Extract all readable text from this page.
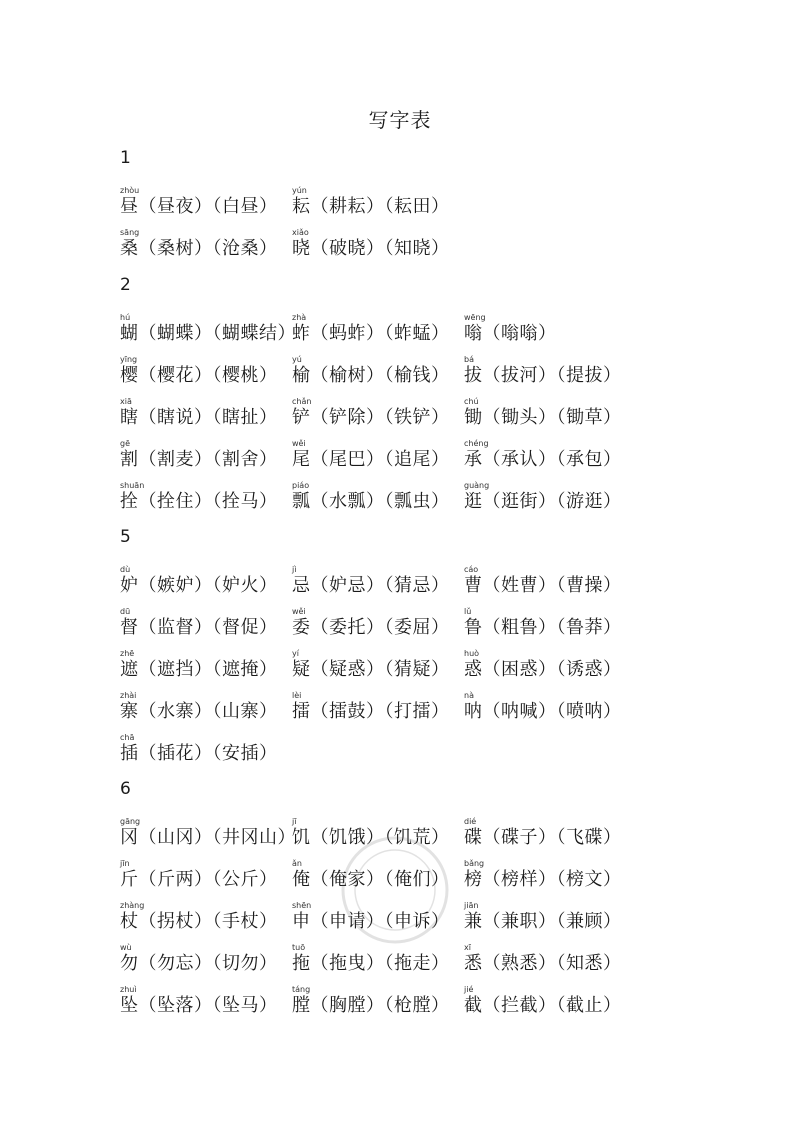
写字表
1
zhòu
昼（昼夜）（白昼）
yún
耘（耕耘）（耘田）
sāng
桑（桑树）（沧桑）
xiǎo
晓（破晓）（知晓）
2
hú
蝴（蝴蝶）（蝴蝶结）
zhà
蚱（蚂蚱）（蚱蜢）
wēng
嗡（嗡嗡）
yīng
樱（樱花）（樱桃）
yú
榆（榆树）（榆钱）
bá
拔（拔河）（提拔）
xiā
瞎（瞎说）（瞎扯）
chǎn
铲（铲除）（铁铲）
chú
锄（锄头）（锄草）
gē
割（割麦）（割舍）
wěi
尾（尾巴）（追尾）
chéng
承（承认）（承包）
shuān
拴（拴住）（拴马）
piáo
瓢（水瓢）（瓢虫）
guàng
逛（逛街）（游逛）
5
dù
妒（嫉妒）（妒火）
jì
忌（妒忌）（猜忌）
cáo
曹（姓曹）（曹操）
dū
督（监督）（督促）
wěi
委（委托）（委屈）
lǔ
鲁（粗鲁）（鲁莽）
zhē
遮（遮挡）（遮掩）
yí
疑（疑惑）（猜疑）
huò
惑（困惑）（诱惑）
zhài
寨（水寨）（山寨）
lèi
擂（擂鼓）（打擂）
nà
呐（呐喊）（喷呐）
chā
插（插花）（安插）
6
gāng
冈（山冈）（井冈山）
jī
饥（饥饿）（饥荒）
dié
碟（碟子）（飞碟）
jīn
斤（斤两）（公斤）
ǎn
俺（俺家）（俺们）
bǎng
榜（榜样）（榜文）
zhàng
杖（拐杖）（手杖）
shēn
申（申请）（申诉）
jiān
兼（兼职）（兼顾）
wù
勿（勿忘）（切勿）
tuō
拖（拖曳）（拖走）
xī
悉（熟悉）（知悉）
zhuì
坠（坠落）（坠马）
táng
膛（胸膛）（枪膛）
jié
截（拦截）（截止）
